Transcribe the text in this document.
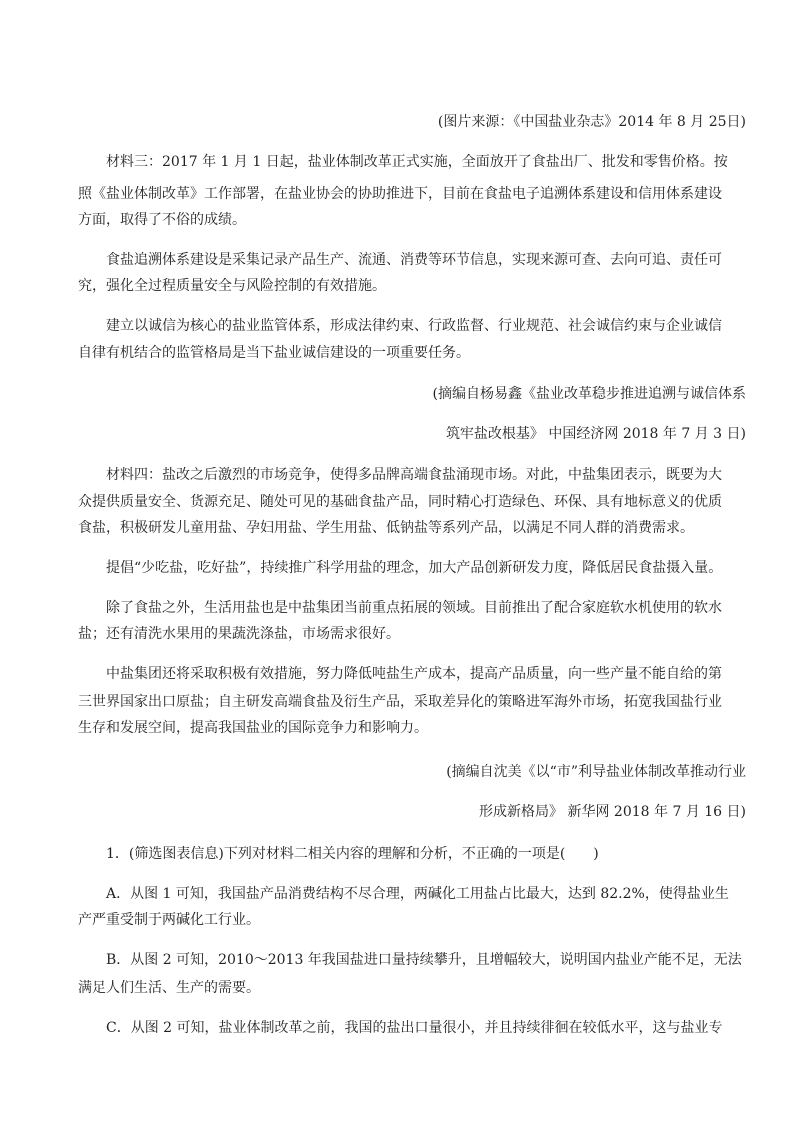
(图片来源：《中国盐业杂志》2014 年 8 月 25日)
材料三：2017 年 1 月 1 日起，盐业体制改革正式实施，全面放开了食盐出厂、批发和零售价格。按
照《盐业体制改革》工作部署，在盐业协会的协助推进下，目前在食盐电子追溯体系建设和信用体系建设
方面，取得了不俗的成绩。
食盐追溯体系建设是采集记录产品生产、流通、消费等环节信息，实现来源可查、去向可追、责任可
究，强化全过程质量安全与风险控制的有效措施。
建立以诚信为核心的盐业监管体系，形成法律约束、行政监督、行业规范、社会诚信约束与企业诚信
自律有机结合的监管格局是当下盐业诚信建设的一项重要任务。
(摘编自杨易鑫《盐业改革稳步推进追溯与诚信体系
筑牢盐改根基》 中国经济网 2018 年 7 月 3 日)
材料四：盐改之后激烈的市场竞争，使得多品牌高端食盐涌现市场。对此，中盐集团表示，既要为大
众提供质量安全、货源充足、随处可见的基础食盐产品，同时精心打造绿色、环保、具有地标意义的优质
食盐，积极研发儿童用盐、孕妇用盐、学生用盐、低钠盐等系列产品，以满足不同人群的消费需求。
提倡“少吃盐，吃好盐”，持续推广科学用盐的理念，加大产品创新研发力度，降低居民食盐摄入量。
除了食盐之外，生活用盐也是中盐集团当前重点拓展的领域。目前推出了配合家庭软水机使用的软水
盐；还有清洗水果用的果蔬洗涤盐，市场需求很好。
中盐集团还将采取积极有效措施，努力降低吨盐生产成本，提高产品质量，向一些产量不能自给的第
三世界国家出口原盐；自主研发高端食盐及衍生产品，采取差异化的策略进军海外市场，拓宽我国盐行业
生存和发展空间，提高我国盐业的国际竞争力和影响力。
(摘编自沈美《以“市”利导盐业体制改革推动行业
形成新格局》 新华网 2018 年 7 月 16 日)
1．(筛选图表信息)下列对材料二相关内容的理解和分析，不正确的一项是(　　)
A．从图 1 可知，我国盐产品消费结构不尽合理，两碱化工用盐占比最大，达到 82.2%，使得盐业生
产严重受制于两碱化工行业。
B．从图 2 可知，2010～2013 年我国盐进口量持续攀升，且增幅较大，说明国内盐业产能不足，无法
满足人们生活、生产的需要。
C．从图 2 可知，盐业体制改革之前，我国的盐出口量很小，并且持续徘徊在较低水平，这与盐业专
